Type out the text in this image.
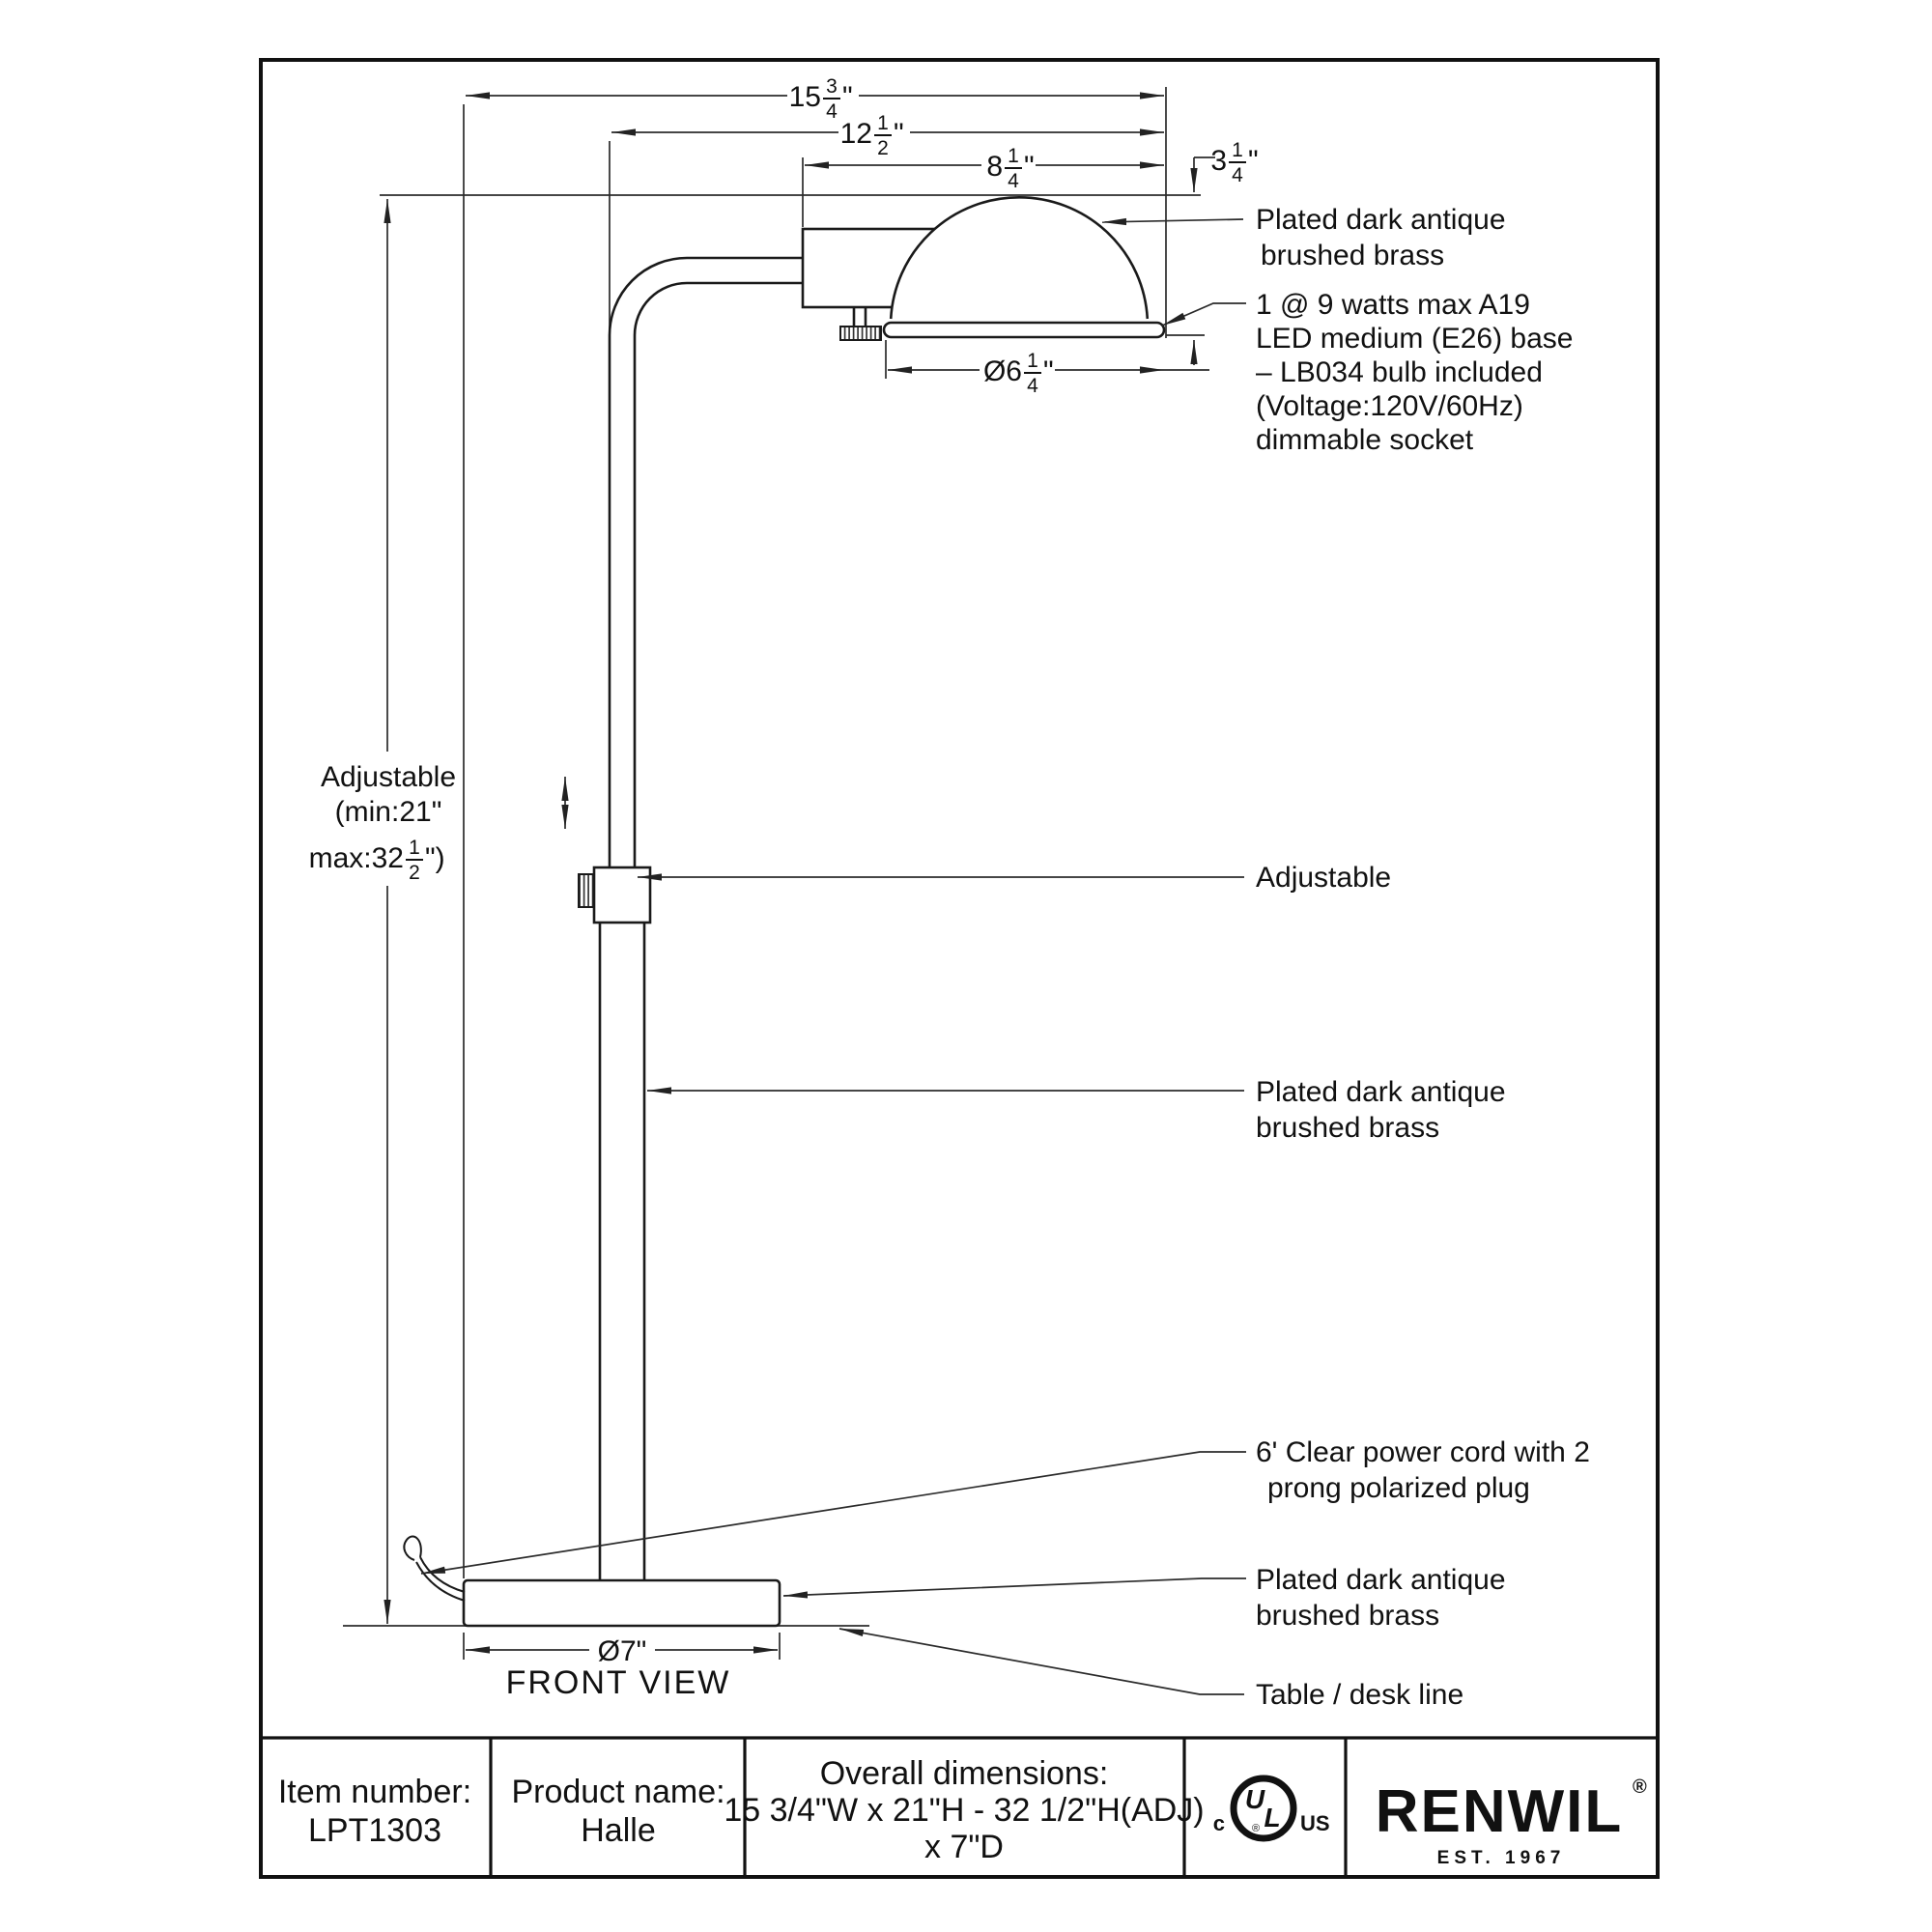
15 3
4 "
12 1
2 "
8 1
4 "	3 1
4 "
Ø6 1
4 "
Ø7"
Adjustable
(min:21"
max:32 1
2 ")
Plated dark antique
brushed brass
1 @ 9 watts max A19
LED medium (E26) base
– LB034 bulb included
(Voltage:120V/60Hz)
dimmable socket
Adjustable
Plated dark antique
brushed brass
6' Clear power cord with 2
prong polarized plug
Plated dark antique
brushed brass
Table / desk line
FRONT VIEW
Item number:
LPT1303
Product name:
Halle
Overall dimensions:
15 3/4"W x 21"H - 32 1/2"H(ADJ)
x 7"D
U
L
®
c	US RENWIL ®
EST. 1967
